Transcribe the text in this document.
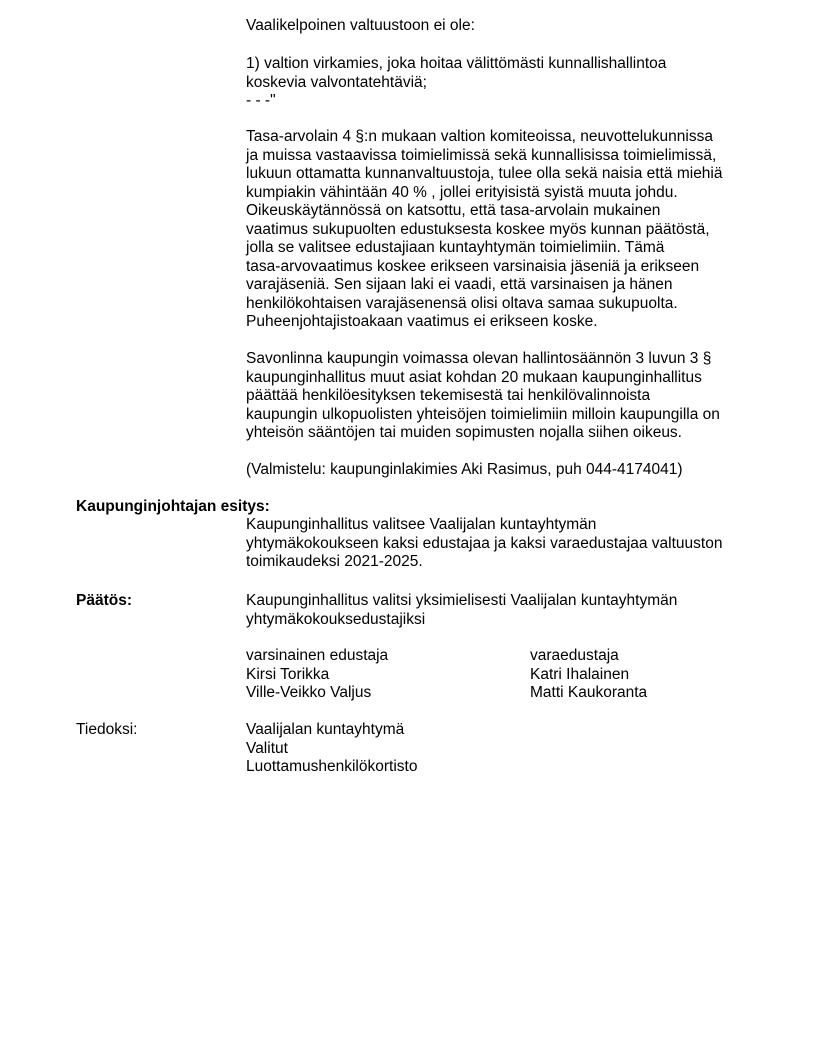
Vaalikelpoinen valtuustoon ei ole:
1) valtion virkamies, joka hoitaa välittömästi kunnallishallintoa
koskevia valvontatehtäviä;
- - -"
Tasa-arvolain 4 §:n mukaan valtion komiteoissa, neuvottelukunnissa
ja muissa vastaavissa toimielimissä sekä kunnallisissa toimielimissä,
lukuun ottamatta kunnanvaltuustoja, tulee olla sekä naisia että miehiä
kumpiakin vähintään 40 % , jollei erityisistä syistä muuta johdu.
Oikeuskäytännössä on katsottu, että tasa-arvolain mukainen
vaatimus sukupuolten edustuksesta koskee myös kunnan päätöstä,
jolla se valitsee edustajiaan kuntayhtymän toimielimiin. Tämä
tasa-arvovaatimus koskee erikseen varsinaisia jäseniä ja erikseen
varajäseniä. Sen sijaan laki ei vaadi, että varsinaisen ja hänen
henkilökohtaisen varajäsenensä olisi oltava samaa sukupuolta.
Puheenjohtajistoakaan vaatimus ei erikseen koske.
Savonlinna kaupungin voimassa olevan hallintosäännön 3 luvun 3 §
kaupunginhallitus muut asiat kohdan 20 mukaan kaupunginhallitus
päättää henkilöesityksen tekemisestä tai henkilövalinnoista
kaupungin ulkopuolisten yhteisöjen toimielimiin milloin kaupungilla on
yhteisön sääntöjen tai muiden sopimusten nojalla siihen oikeus.
(Valmistelu: kaupunginlakimies Aki Rasimus, puh 044-4174041)
Kaupunginjohtajan esitys:
Kaupunginhallitus valitsee Vaalijalan kuntayhtymän
yhtymäkokoukseen kaksi edustajaa ja kaksi varaedustajaa valtuuston
toimikaudeksi 2021-2025.
Päätös:	Kaupunginhallitus valitsi yksimielisesti Vaalijalan kuntayhtymän
yhtymäkokouksedustajiksi
varsinainen edustaja
Kirsi Torikka
Ville-Veikko Valjus
varaedustaja
Katri Ihalainen
Matti Kaukoranta
Tiedoksi:	Vaalijalan kuntayhtymä
Valitut
Luottamushenkilökortisto
